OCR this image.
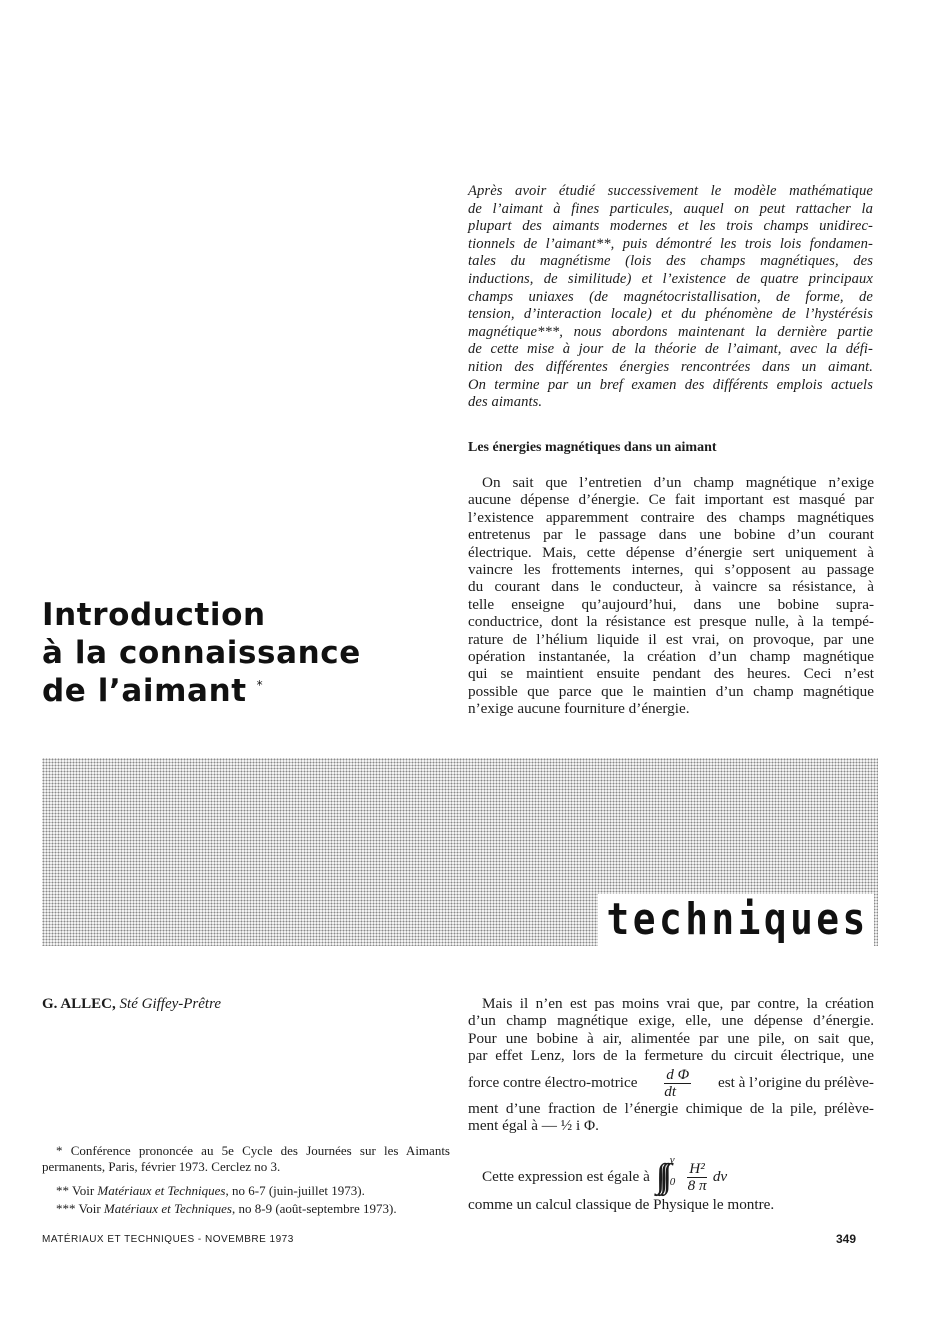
Après avoir étudié successivement le modèle mathématique
de l’aimant à fines particules, auquel on peut rattacher la
plupart des aimants modernes et les trois champs unidirec-
tionnels de l’aimant**, puis démontré les trois lois fondamen-
tales du magnétisme (lois des champs magnétiques, des
inductions, de similitude) et l’existence de quatre principaux
champs uniaxes (de magnétocristallisation, de forme, de
tension, d’interaction locale) et du phénomène de l’hystérésis
magnétique***, nous abordons maintenant la dernière partie
de cette mise à jour de la théorie de l’aimant, avec la défi-
nition des différentes énergies rencontrées dans un aimant.
On termine par un bref examen des différents emplois actuels
des aimants.
Les énergies magnétiques dans un aimant
On sait que l’entretien d’un champ magnétique n’exige
aucune dépense d’énergie. Ce fait important est masqué par
l’existence apparemment contraire des champs magnétiques
entretenus par le passage dans une bobine d’un courant
électrique. Mais, cette dépense d’énergie sert uniquement à
vaincre les frottements internes, qui s’opposent au passage
du courant dans le conducteur, à vaincre sa résistance, à
telle enseigne qu’aujourd’hui, dans une bobine supra-
conductrice, dont la résistance est presque nulle, à la tempé-
rature de l’hélium liquide il est vrai, on provoque, par une
opération instantanée, la création d’un champ magnétique
qui se maintient ensuite pendant des heures. Ceci n’est
possible que parce que le maintien d’un champ magnétique
n’exige aucune fourniture d’énergie.
Introduction
à la connaissance
de l’aimant *
techniques
G. ALLEC, Sté Giffey-Prêtre
* Conférence prononcée au 5e Cycle des Journées sur les Aimants permanents, Paris, février 1973. Cerclez no 3.
** Voir Matériaux et Techniques, no 6-7 (juin-juillet 1973).
*** Voir Matériaux et Techniques, no 8-9 (août-septembre 1973).
Mais il n’en est pas moins vrai que, par contre, la création
d’un champ magnétique exige, elle, une dépense d’énergie.
Pour une bobine à air, alimentée par une pile, on sait que,
par effet Lenz, lors de la fermeture du circuit électrique, une
force contre électro-motrice $\frac{\text{d Φ}}{dt}$ est à l’origine du prélève-
ment d’une fraction de l’énergie chimique de la pile, prélève-
ment égal à — ½ i Φ.
Cette expression est égale à ∫∫∫ v
$0 \frac{\text{H²}}{8 \pi}$ dv
comme un calcul classique de Physique le montre.
MATÉRIAUX ET TECHNIQUES - NOVEMBRE 1973	349
